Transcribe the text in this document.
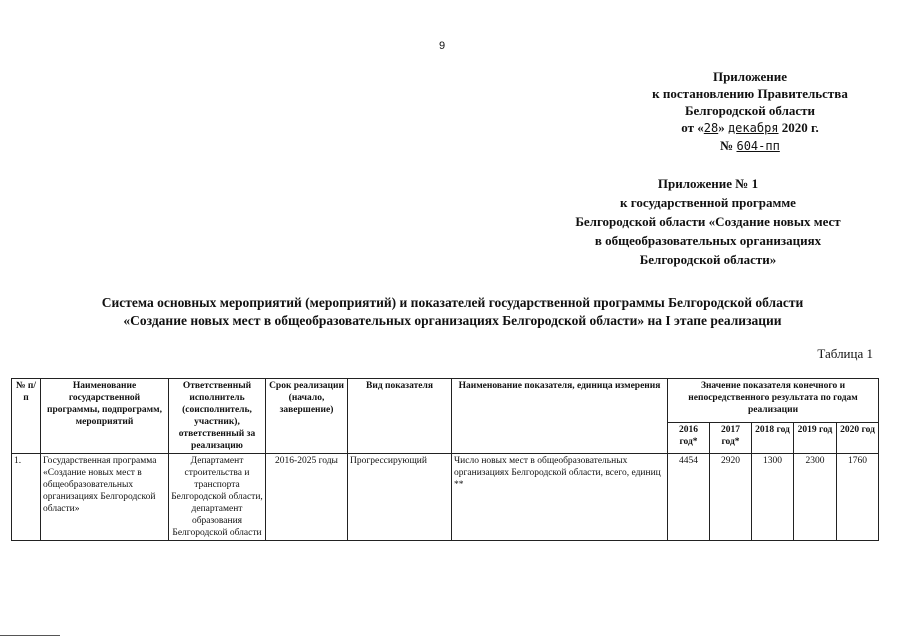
9
Приложение
к постановлению Правительства
Белгородской области
от «28» декабря 2020 г.
№ 604-пп
Приложение № 1
к государственной программе
Белгородской области «Создание новых мест
в общеобразовательных организациях
Белгородской области»
Система основных мероприятий (мероприятий) и показателей государственной программы Белгородской области
«Создание новых мест в общеобразовательных организациях Белгородской области» на I этапе реализации
Таблица 1
№ п/п	Наименование государственной программы, подпрограмм, мероприятий	Ответственный исполнитель (соисполнитель, участник), ответственный за реализацию	Срок реализации (начало, завершение)	Вид показателя	Наименование показателя, единица измерения	Значение показателя конечного и непосредственного результата по годам реализации				
						2016 год*	2017 год*	2018 год	2019 год	2020 год
1.	Государственная программа «Создание новых мест в общеобразовательных организациях Белгородской области»	Департамент строительства и транспорта Белгородской области, департамент образования Белгородской области	2016-2025 годы	Прогрессирующий	Число новых мест в общеобразовательных организациях Белгородской области, всего, единиц **	4454	2920	1300	2300	1760
